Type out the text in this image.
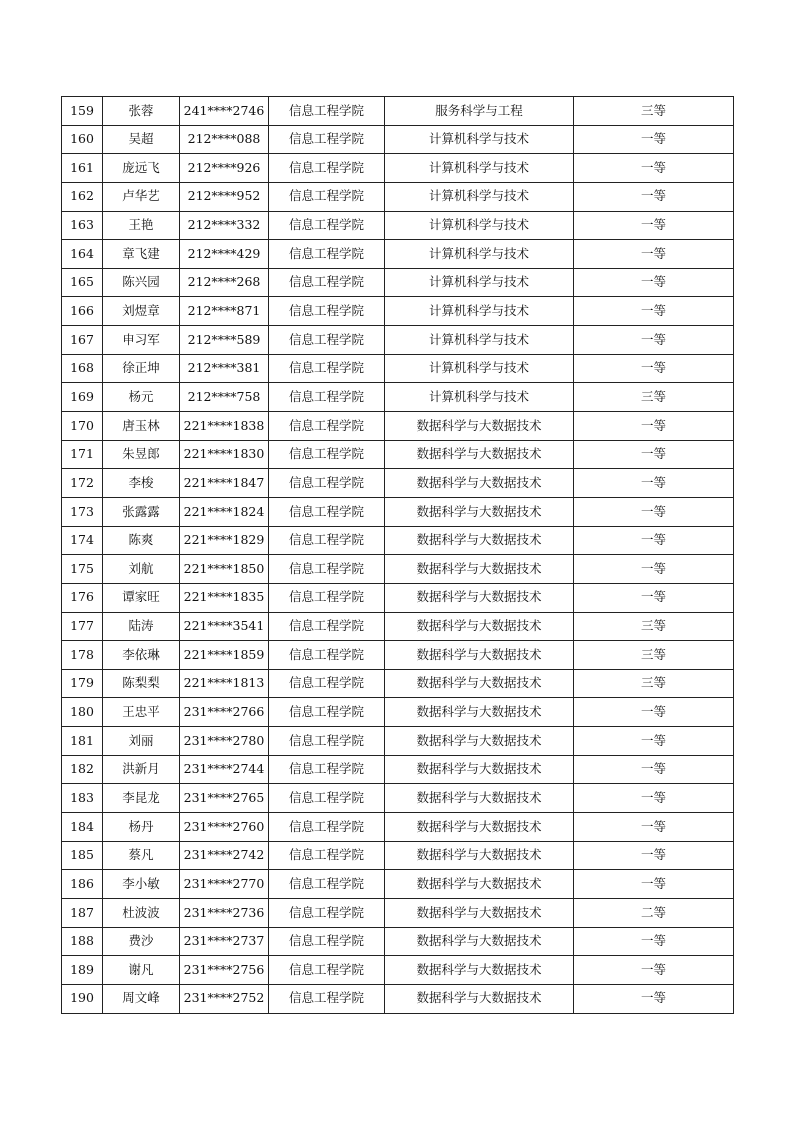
159	张蓉	241****2746	信息工程学院	服务科学与工程	三等
160	吴超	212****088	信息工程学院	计算机科学与技术	一等
161	庞远飞	212****926	信息工程学院	计算机科学与技术	一等
162	卢华艺	212****952	信息工程学院	计算机科学与技术	一等
163	王艳	212****332	信息工程学院	计算机科学与技术	一等
164	章飞建	212****429	信息工程学院	计算机科学与技术	一等
165	陈兴园	212****268	信息工程学院	计算机科学与技术	一等
166	刘煜章	212****871	信息工程学院	计算机科学与技术	一等
167	申习军	212****589	信息工程学院	计算机科学与技术	一等
168	徐正坤	212****381	信息工程学院	计算机科学与技术	一等
169	杨元	212****758	信息工程学院	计算机科学与技术	三等
170	唐玉林	221****1838	信息工程学院	数据科学与大数据技术	一等
171	朱昱郎	221****1830	信息工程学院	数据科学与大数据技术	一等
172	李梭	221****1847	信息工程学院	数据科学与大数据技术	一等
173	张露露	221****1824	信息工程学院	数据科学与大数据技术	一等
174	陈爽	221****1829	信息工程学院	数据科学与大数据技术	一等
175	刘航	221****1850	信息工程学院	数据科学与大数据技术	一等
176	谭家旺	221****1835	信息工程学院	数据科学与大数据技术	一等
177	陆涛	221****3541	信息工程学院	数据科学与大数据技术	三等
178	李依琳	221****1859	信息工程学院	数据科学与大数据技术	三等
179	陈梨梨	221****1813	信息工程学院	数据科学与大数据技术	三等
180	王忠平	231****2766	信息工程学院	数据科学与大数据技术	一等
181	刘丽	231****2780	信息工程学院	数据科学与大数据技术	一等
182	洪新月	231****2744	信息工程学院	数据科学与大数据技术	一等
183	李昆龙	231****2765	信息工程学院	数据科学与大数据技术	一等
184	杨丹	231****2760	信息工程学院	数据科学与大数据技术	一等
185	蔡凡	231****2742	信息工程学院	数据科学与大数据技术	一等
186	李小敏	231****2770	信息工程学院	数据科学与大数据技术	一等
187	杜波波	231****2736	信息工程学院	数据科学与大数据技术	二等
188	费沙	231****2737	信息工程学院	数据科学与大数据技术	一等
189	谢凡	231****2756	信息工程学院	数据科学与大数据技术	一等
190	周文峰	231****2752	信息工程学院	数据科学与大数据技术	一等
